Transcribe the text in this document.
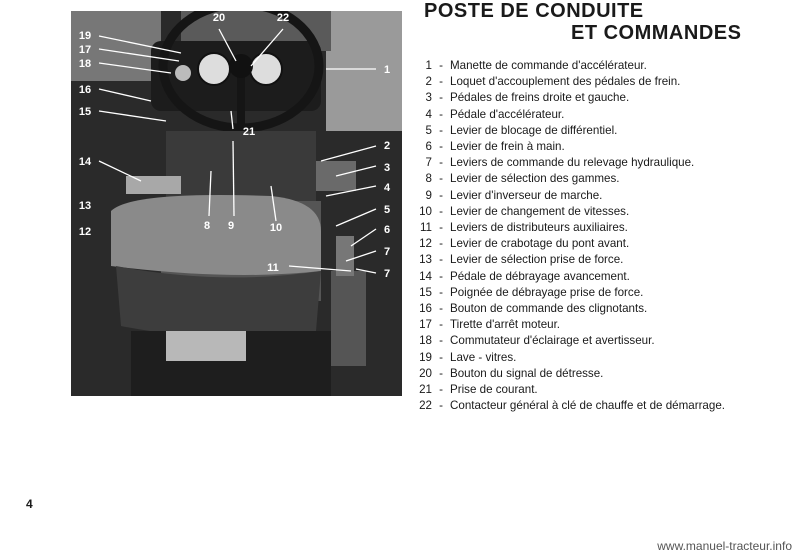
19
17
18
16
15
14
13
12
20	22
21
8 9	10
11
1
2
3
4
5
6
7
7
POSTE DE CONDUITE
ET COMMANDES
1 - Manette de commande d'accélérateur.
2 - Loquet d'accouplement des pédales de frein.
3 - Pédales de freins droite et gauche.
4 - Pédale d'accélérateur.
5 - Levier de blocage de différentiel.
6 - Levier de frein à main.
7 - Leviers de commande du relevage hydraulique.
8 - Levier de sélection des gammes.
9 - Levier d'inverseur de marche.
10 - Levier de changement de vitesses.
11 - Leviers de distributeurs auxiliaires.
12 - Levier de crabotage du pont avant.
13 - Levier de sélection prise de force.
14 - Pédale de débrayage avancement.
15 - Poignée de débrayage prise de force.
16 - Bouton de commande des clignotants.
17 - Tirette d'arrêt moteur.
18 - Commutateur d'éclairage et avertisseur.
19 - Lave - vitres.
20 - Bouton du signal de détresse.
21 - Prise de courant.
22 - Contacteur général à clé de chauffe et de démarrage.
4
www.manuel-tracteur.info
